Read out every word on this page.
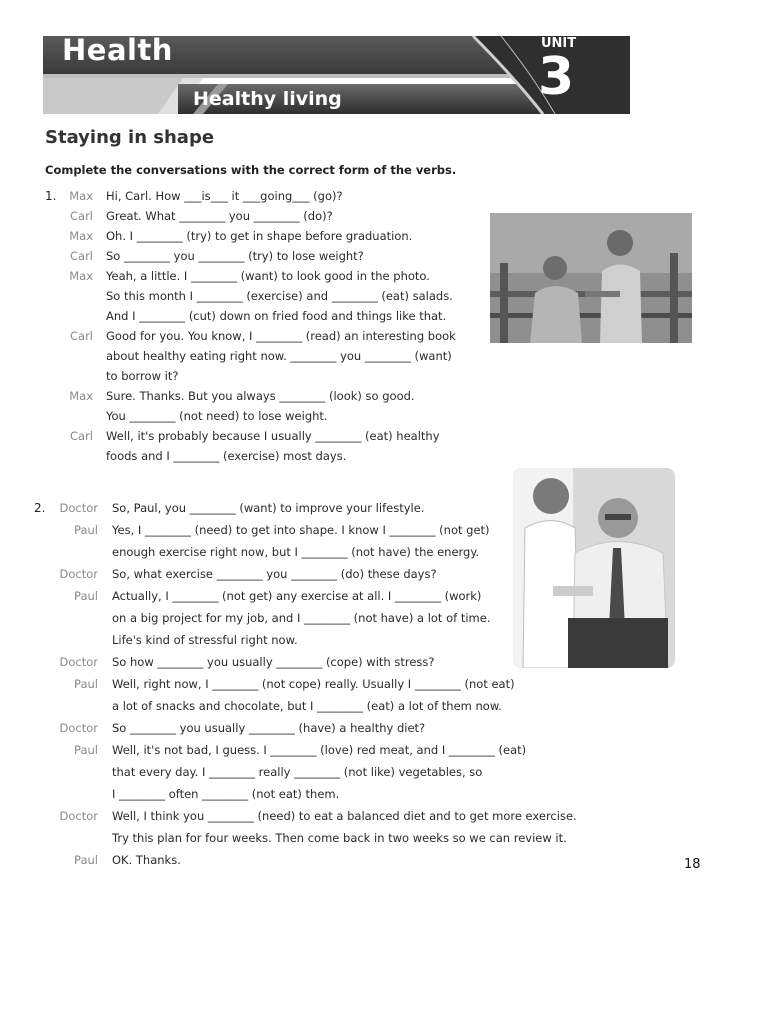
Health
Healthy living
UNIT
3
Staying in shape
Complete the conversations with the correct form of the verbs.
1.	Max Hi, Carl. How ___is___ it ___going___ (go)?
Carl Great. What ________ you ________ (do)?
Max Oh. I ________ (try) to get in shape before graduation.
Carl So ________ you ________ (try) to lose weight?
Max Yeah, a little. I ________ (want) to look good in the photo.
So this month I ________ (exercise) and ________ (eat) salads.
And I ________ (cut) down on fried food and things like that.
Carl Good for you. You know, I ________ (read) an interesting book
about healthy eating right now. ________ you ________ (want)
to borrow it?
Max Sure. Thanks. But you always ________ (look) so good.
You ________ (not need) to lose weight.
Carl Well, it's probably because I usually ________ (eat) healthy
foods and I ________ (exercise) most days.
2.	Doctor So, Paul, you ________ (want) to improve your lifestyle.
Paul Yes, I ________ (need) to get into shape. I know I ________ (not get)
enough exercise right now, but I ________ (not have) the energy.
Doctor So, what exercise ________ you ________ (do) these days?
Paul Actually, I ________ (not get) any exercise at all. I ________ (work)
on a big project for my job, and I ________ (not have) a lot of time.
Life's kind of stressful right now.
Doctor So how ________ you usually ________ (cope) with stress?
Paul Well, right now, I ________ (not cope) really. Usually I ________ (not eat)
a lot of snacks and chocolate, but I ________ (eat) a lot of them now.
Doctor So ________ you usually ________ (have) a healthy diet?
Paul Well, it's not bad, I guess. I ________ (love) red meat, and I ________ (eat)
that every day. I ________ really ________ (not like) vegetables, so
I ________ often ________ (not eat) them.
Doctor Well, I think you ________ (need) to eat a balanced diet and to get more exercise.
Try this plan for four weeks. Then come back in two weeks so we can review it.
Paul OK. Thanks.	18
